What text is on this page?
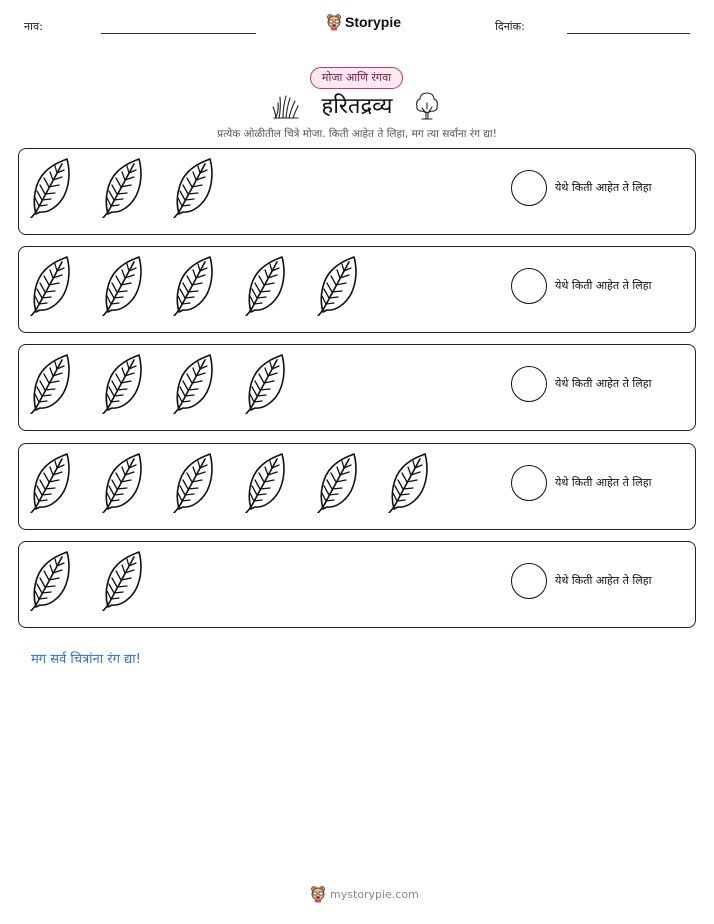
नाव:	Storypie	दिनांक:
मोजा आणि रंगवा
हरितद्रव्य
प्रत्येक ओळीतील चित्रे मोजा. किती आहेत ते लिहा, मग त्या सर्वांना रंग द्या!
येथे किती आहेत ते लिहा
येथे किती आहेत ते लिहा
येथे किती आहेत ते लिहा
येथे किती आहेत ते लिहा
येथे किती आहेत ते लिहा
मग सर्व चित्रांना रंग द्या!
mystorypie.com
